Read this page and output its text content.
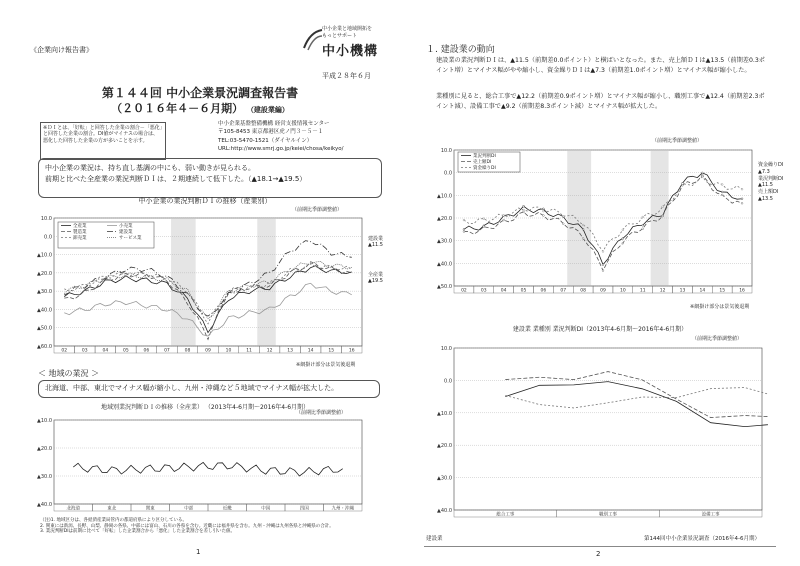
《企業向け報告書》
中小企業と地域開拓を
もっとサポート
中小機構
平成２８年６月
第１４４回 中小企業景況調査報告書
（２０１６年４－６月期） （建設業編）
※ＤＩとは、「好転」と回答した企業の割合－「悪化」と回答した企業の割合。DI値がマイナスの場合は、悪化した回答した企業の方が多いことを示す。
中小企業基盤整備機構 経営支援情報センター
〒105-8453 東京都港区虎ノ門３－５－１
TEL:03-5470-1521（ダイヤルイン）
URL:http://www.smrj.go.jp/keiei/chosa/keikyo/
中小企業の業況は、持ち直し基調の中にも、弱い動きが見られる。
前期と比べた全産業の業況判断ＤＩは、２期連続して低下した。（▲18.1→▲19.5）
中小企業の業況判断ＤＩの推移（産業別）
（前期比季節調整値）
10.0
0.0
▲10.0
▲20.0
▲30.0
▲40.0
▲50.0
▲60.0
02	03	04	05	06	07	08	09	10	11	12	13	14	15	16
全産業
製造業
卸売業
小売業
建設業
サービス業	建設業
▲11.5
全産業
▲19.5
※網掛け部分は景気後退期
＜ 地域の業況 ＞
北海道、中部、東北でマイナス幅が縮小し、九州・沖縄など５地域でマイナス幅が拡大した。
地域別業況判断ＤＩの推移（全産業） （2013年4-6月期～2016年4-6月期）
（前期比季節調整値）
▲10.0
▲20.0
▲30.0
▲40.0
北海道	東北	関東	中部	近畿	中国	四国	九州・沖縄
（注)1. 地域区分は、各経済産業局管内の都道府県により区分している。
2. 関東には新潟、長野、山梨、静岡の各県、中部には富山、石川の各県を含む。近畿には福井県を含む。九州・沖縄は九州各県と沖縄県の合計。
3. 業況判断DIは前期に比べて「好転」した企業割合から「悪化」した企業割合を差し引いた値。
1
１. 建設業の動向
建設業の業況判断ＤＩは、▲11.5（前期差0.0ポイント）と横ばいとなった。また、売上額ＤＩは▲13.5（前期差0.3ポイント増）とマイナス幅がやや縮小し、資金繰りＤＩは▲7.3（前期差1.0ポイント増）とマイナス幅が縮小した。
業種別に見ると、総合工事で▲12.2（前期差0.9ポイント増）とマイナス幅が縮小し、職別工事で▲12.4（前期差2.3ポイント減）、設備工事で▲9.2（前期差8.3ポイント減）とマイナス幅が拡大した。
（前期比季節調整値）
10.0
0.0
▲10.0
▲20.0
▲30.0
▲40.0
▲50.0
02	03	04	05	06	07	08	09	10	11	12	13	14	15	16
業況判断DI
売上額DI
資金繰りDI
資金繰りDI
▲7.3
業況判断DI
▲11.5
売上額DI
▲13.5
※網掛け部分は景気後退期
建設業 業種別 業況判断DI（2013年4-6月期～2016年4-6月期）
（前期比季節調整値）
10.0
0.0
▲10.0
▲20.0
▲30.0
▲40.0
総合工事	職別工事	設備工事
建設業	第144回中小企業景況調査（2016年4-6月期）
2
